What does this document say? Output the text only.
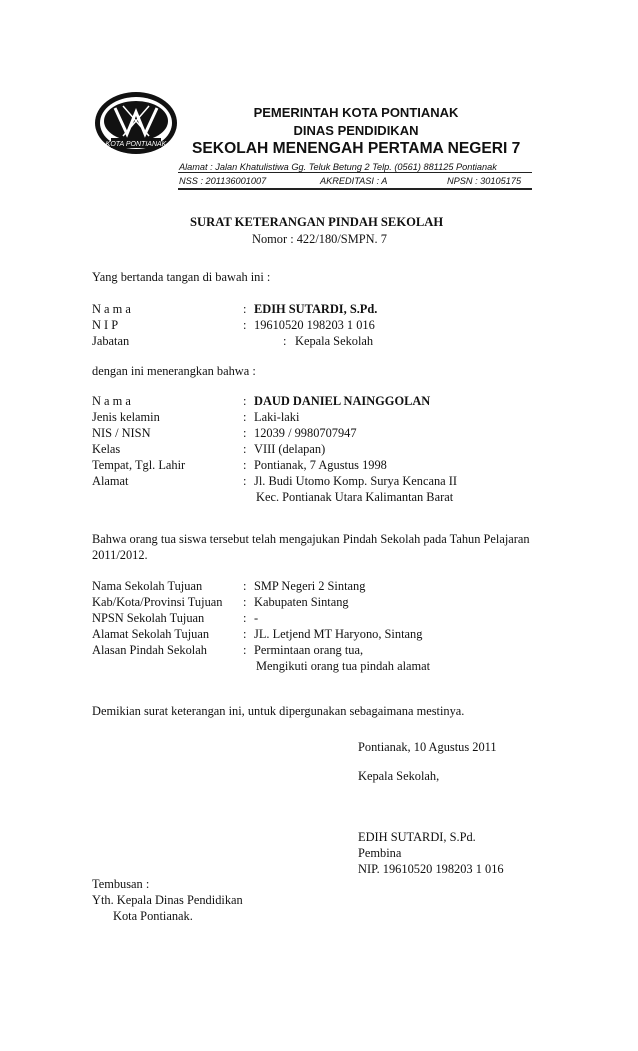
KOTA PONTIANAK
PEMERINTAH KOTA PONTIANAK
DINAS PENDIDIKAN
SEKOLAH MENENGAH PERTAMA NEGERI 7
Alamat : Jalan Khatulistiwa Gg. Teluk Betung 2 Telp. (0561) 881125 Pontianak
NSS : 201136001007	AKREDITASI : A	NPSN : 30105175
SURAT KETERANGAN PINDAH SEKOLAH
Nomor : 422/180/SMPN. 7
Yang bertanda tangan di bawah ini :
N a m a	: EDIH SUTARDI, S.Pd.
N I P	: 19610520 198203 1 016
Jabatan	: Kepala Sekolah
dengan ini menerangkan bahwa :
N a m a	: DAUD DANIEL NAINGGOLAN
Jenis kelamin	: Laki-laki
NIS / NISN	: 12039 / 9980707947
Kelas	: VIII (delapan)
Tempat, Tgl. Lahir	: Pontianak, 7 Agustus 1998
Alamat	: Jl. Budi Utomo Komp. Surya Kencana II
Kec. Pontianak Utara Kalimantan Barat
Bahwa orang tua siswa tersebut telah mengajukan Pindah Sekolah pada Tahun Pelajaran
2011/2012.
Nama Sekolah Tujuan	: SMP Negeri 2 Sintang
Kab/Kota/Provinsi Tujuan : Kabupaten Sintang
NPSN Sekolah Tujuan	: -
Alamat Sekolah Tujuan	: JL. Letjend MT Haryono, Sintang
Alasan Pindah Sekolah	: Permintaan orang tua,
Mengikuti orang tua pindah alamat
Demikian surat keterangan ini, untuk dipergunakan sebagaimana mestinya.
Pontianak, 10 Agustus 2011
Kepala Sekolah,
EDIH SUTARDI, S.Pd.
Pembina
NIP. 19610520 198203 1 016
Tembusan :
Yth. Kepala Dinas Pendidikan
Kota Pontianak.
